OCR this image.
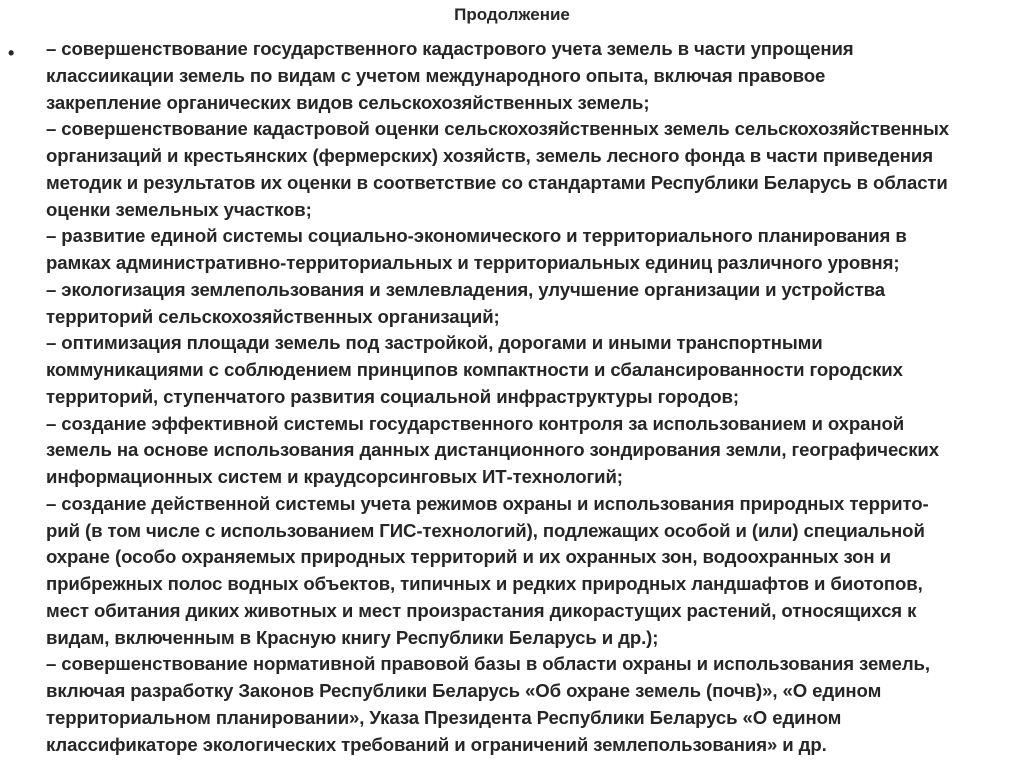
Продолжение
• – совершенствование государственного кадастрового учета земель в части упрощения
классиикации земель по видам с учетом международного опыта, включая правовое
закрепление органических видов сельскохозяйственных земель;
– совершенствование кадастровой оценки сельскохозяйственных земель сельскохозяйственных
организаций и крестьянских (фермерских) хозяйств, земель лесного фонда в части приведения
методик и результатов их оценки в соответствие со стандартами Республики Беларусь в области
оценки земельных участков;
– развитие единой системы социально-экономического и территориального планирования в
рамках административно-территориальных и территориальных единиц различного уровня;
– экологизация землепользования и землевладения, улучшение организации и устройства
территорий сельскохозяйственных организаций;
– оптимизация площади земель под застройкой, дорогами и иными транспортными
коммуникациями с соблюдением принципов компактности и сбалансированности городских
территорий, ступенчатого развития социальной инфраструктуры городов;
– создание эффективной системы государственного контроля за использованием и охраной
земель на основе использования данных дистанционного зондирования земли, географических
информационных систем и краудсорсинговых ИТ-технологий;
– создание действенной системы учета режимов охраны и использования природных террито-
рий (в том числе с использованием ГИС-технологий), подлежащих особой и (или) специальной
охране (особо охраняемых природных территорий и их охранных зон, водоохранных зон и
прибрежных полос водных объектов, типичных и редких природных ландшафтов и биотопов,
мест обитания диких животных и мест произрастания дикорастущих растений, относящихся к
видам, включенным в Красную книгу Республики Беларусь и др.);
– совершенствование нормативной правовой базы в области охраны и использования земель,
включая разработку Законов Республики Беларусь «Об охране земель (почв)», «О едином
территориальном планировании», Указа Президента Республики Беларусь «О едином
классификаторе экологических требований и ограничений землепользования» и др.
